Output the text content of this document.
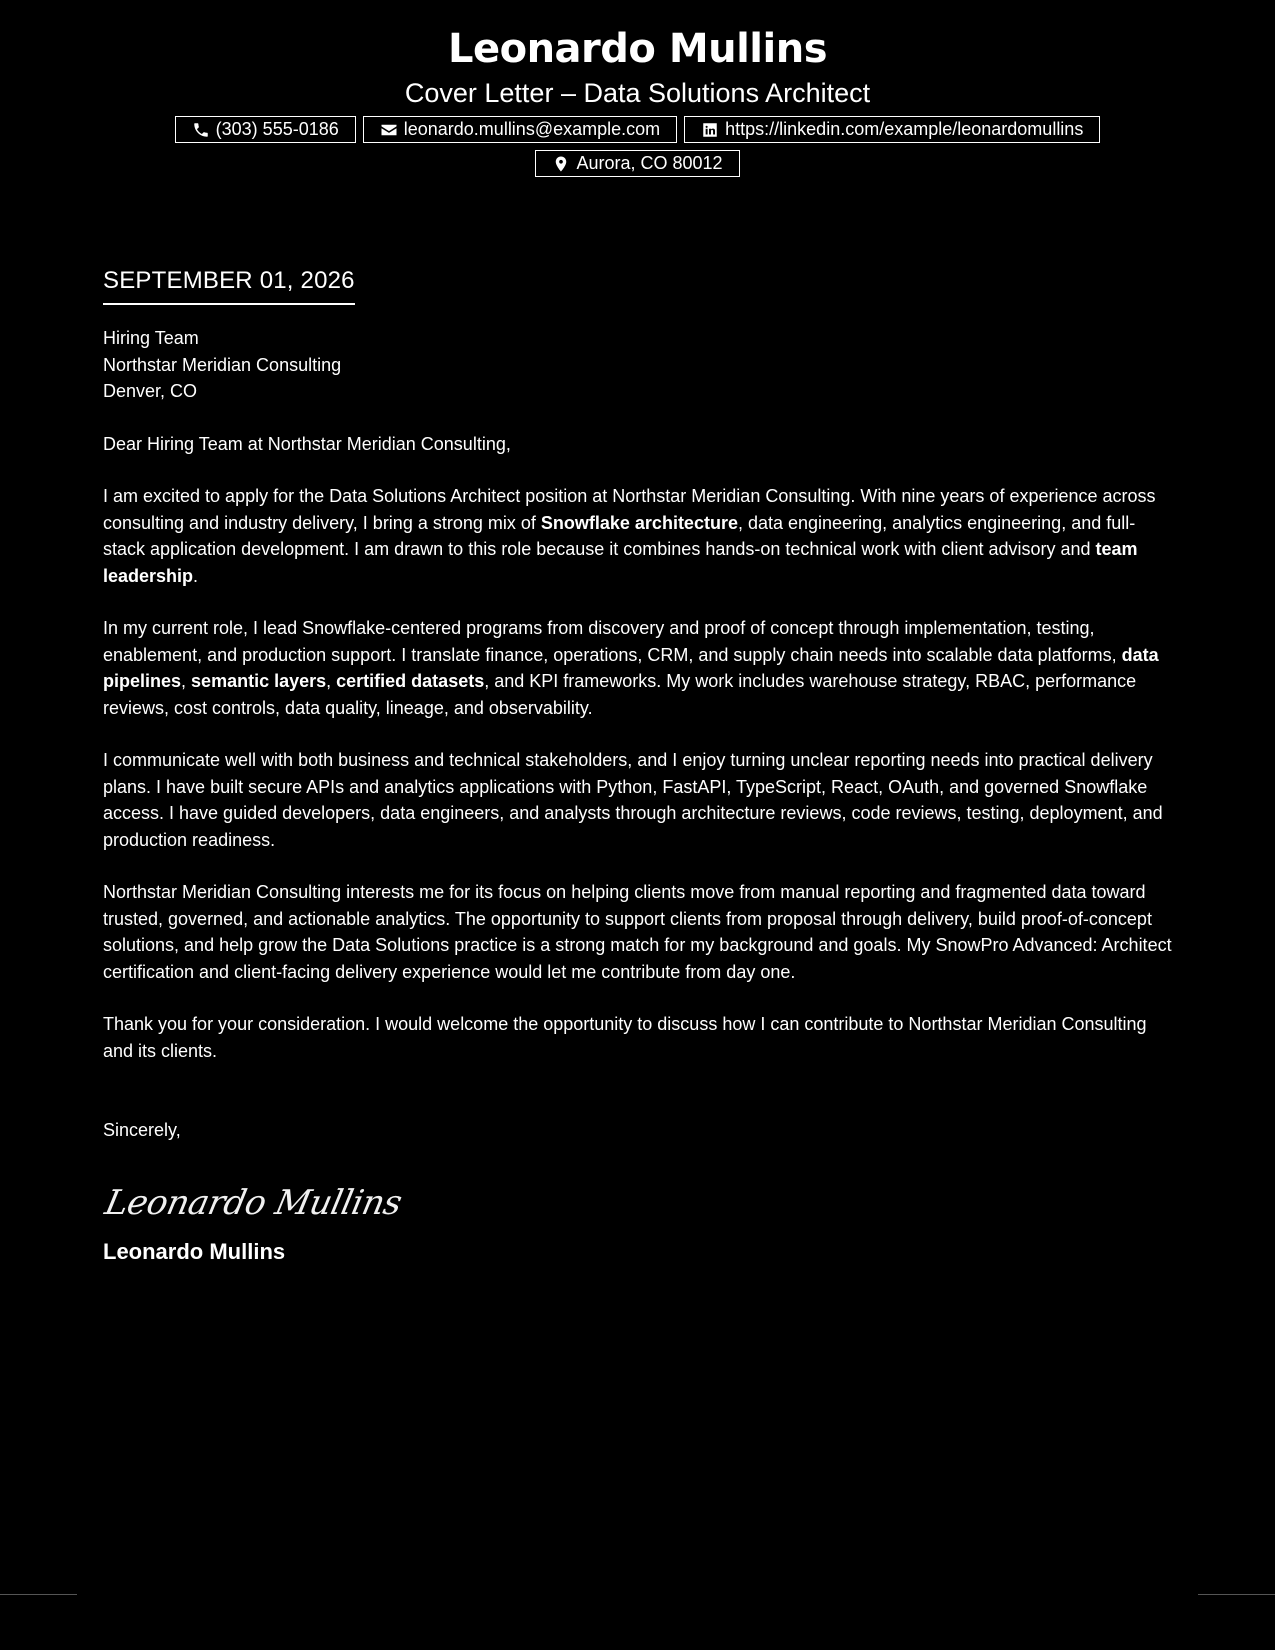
Leonardo Mullins
Cover Letter – Data Solutions Architect
(303) 555-0186	leonardo.mullins@example.com	https://linkedin.com/example/leonardomullins
Aurora, CO 80012
SEPTEMBER 01, 2026
Hiring Team
Northstar Meridian Consulting
Denver, CO
Dear Hiring Team at Northstar Meridian Consulting,

I am excited to apply for the Data Solutions Architect position at Northstar Meridian Consulting. With nine years of experience across consulting and industry delivery, I bring a strong mix of Snowflake architecture, data engineering, analytics engineering, and full-stack application development. I am drawn to this role because it combines hands-on technical work with client advisory and team leadership.

In my current role, I lead Snowflake-centered programs from discovery and proof of concept through implementation, testing, enablement, and production support. I translate finance, operations, CRM, and supply chain needs into scalable data platforms, data pipelines, semantic layers, certified datasets, and KPI frameworks. My work includes warehouse strategy, RBAC, performance reviews, cost controls, data quality, lineage, and observability.

I communicate well with both business and technical stakeholders, and I enjoy turning unclear reporting needs into practical delivery plans. I have built secure APIs and analytics applications with Python, FastAPI, TypeScript, React, OAuth, and governed Snowflake access. I have guided developers, data engineers, and analysts through architecture reviews, code reviews, testing, deployment, and production readiness.

Northstar Meridian Consulting interests me for its focus on helping clients move from manual reporting and fragmented data toward trusted, governed, and actionable analytics. The opportunity to support clients from proposal through delivery, build proof-of-concept solutions, and help grow the Data Solutions practice is a strong match for my background and goals. My SnowPro Advanced: Architect certification and client-facing delivery experience would let me contribute from day one.

Thank you for your consideration. I would welcome the opportunity to discuss how I can contribute to Northstar Meridian Consulting and its clients.

Sincerely,
Leonardo Mullins
Leonardo Mullins
